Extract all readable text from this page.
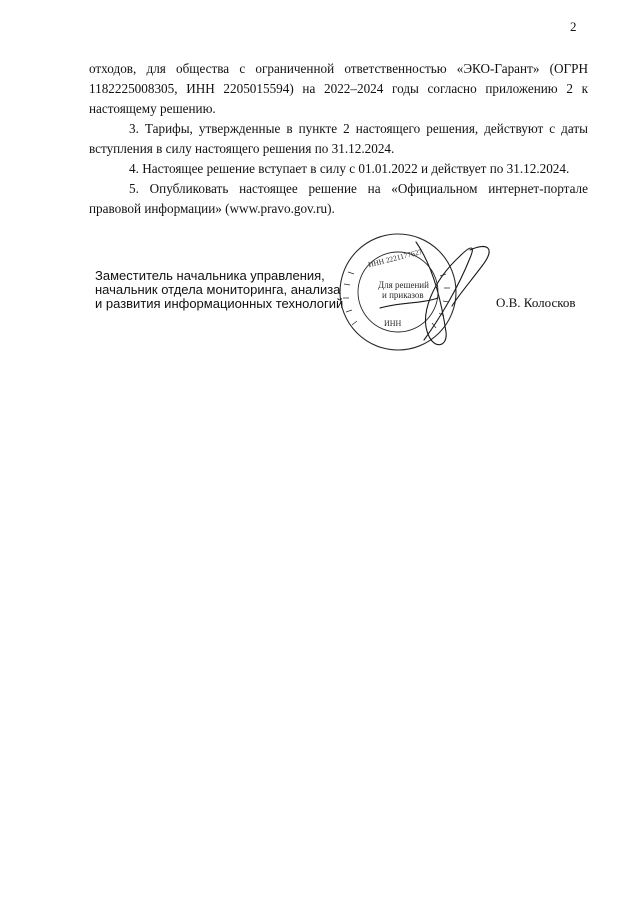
2

отходов, для общества с ограниченной ответственностью «ЭКО-Гарант» (ОГРН 1182225008305, ИНН 2205015594) на 2022–2024 годы согласно приложению 2 к настоящему решению.

3. Тарифы, утвержденные в пункте 2 настоящего решения, действуют с даты вступления в силу настоящего решения по 31.12.2024.

4. Настоящее решение вступает в силу с 01.01.2022 и действует по 31.12.2024.

5. Опубликовать настоящее решение на «Официальном интернет-портале правовой информации» (www.pravo.gov.ru).

ИНН 2221177627
Для решений
и приказов
ИНН
Заместитель начальника управления,
начальник отдела мониторинга, анализа
и развития информационных технологий	О.В. Колосков
